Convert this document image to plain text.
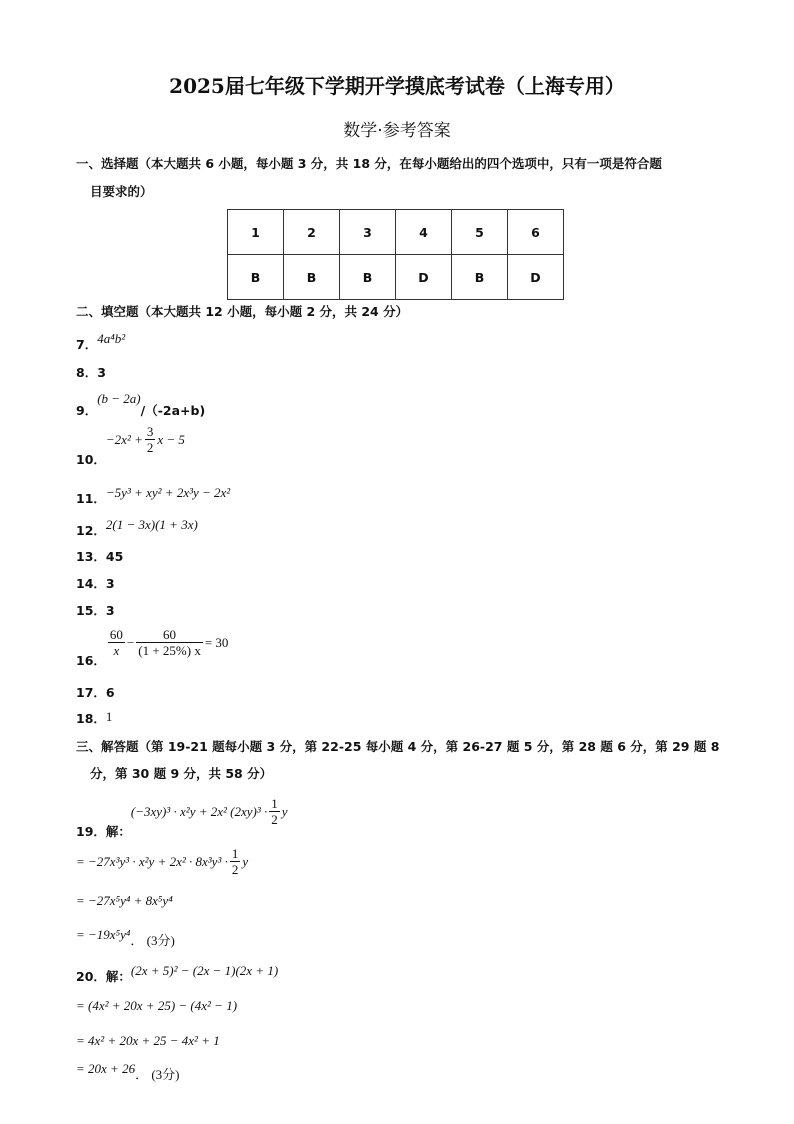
2025届七年级下学期开学摸底考试卷（上海专用）
数学·参考答案
一、选择题（本大题共 6 小题，每小题 3 分，共 18 分，在每小题给出的四个选项中，只有一项是符合题
目要求的）
1	2	3	4	5	6
B	B	B	D	B	D
二、填空题（本大题共 12 小题，每小题 2 分，共 24 分）
7．$^{4a^4b^2}$
8．3
$_{9.}^{(b - 2a)}_{/(-2a+b)}$
$_{10.}-2x^2 + \frac{3}{2}$ x − 5
$_{11.}$−5y³ + xy² + 2x³y − 2x²
$_{12.}$2(1 − 3x)(1 + 3x)
13．45
14．3
15．3
$_{16.}$
$\frac{60}{x} - \frac{60}{(1 + 25\%) x} = 30$
17．6
18．1
三、解答题（第 19-21 题每小题 3 分，第 22-25 每小题 4 分，第 26-27 题 5 分，第 28 题 6 分，第 29 题 8
分，第 30 题 9 分，共 58 分）
$_{19.解:}$(−3xy)³ · x²y + 2x² $(2xy)^3 \cdot \frac{1}{2}$ y
= $-27x^3y^3 \cdot x^2y + 2x^2 \cdot 8x^3y^3 \cdot \frac{1}{2}$ y
= −27x⁵y⁴ + 8x⁵y⁴
= $-19x^5y^4_{. (3分)}$
$_{20.解:}$(2x + 5)² − (2x − 1)(2x + 1)
= (4x² + 20x + 25) − (4x² − 1)
= 4x² + 20x + 25 − 4x² + 1
= $20x + 26_{. (3分)}$
